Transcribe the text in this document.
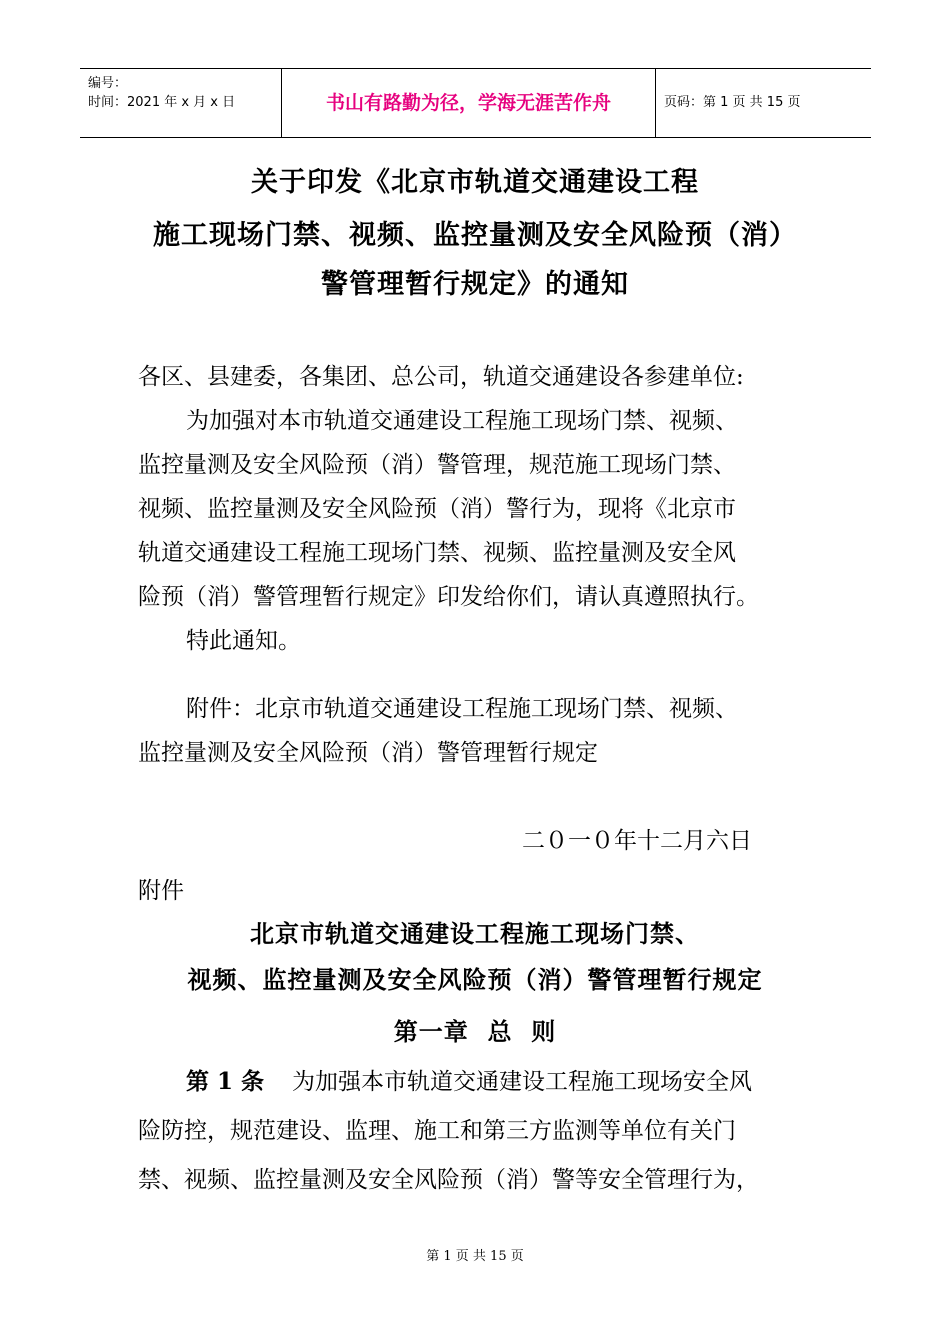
编号：
时间：2021 年 x 月 x 日	书山有路勤为径，学海无涯苦作舟	页码：第 1 页 共 15 页
关于印发《北京市轨道交通建设工程
施工现场门禁、视频、监控量测及安全风险预（消）
警管理暂行规定》的通知
各区、县建委，各集团、总公司，轨道交通建设各参建单位:
为加强对本市轨道交通建设工程施工现场门禁、视频、
监控量测及安全风险预（消）警管理，规范施工现场门禁、
视频、监控量测及安全风险预（消）警行为，现将《北京市
轨道交通建设工程施工现场门禁、视频、监控量测及安全风
险预（消）警管理暂行规定》印发给你们，请认真遵照执行。
特此通知。
附件：北京市轨道交通建设工程施工现场门禁、视频、
监控量测及安全风险预（消）警管理暂行规定
二０一０年十二月六日
附件
北京市轨道交通建设工程施工现场门禁、
视频、监控量测及安全风险预（消）警管理暂行规定
第一章  总  则
第 1 条 为加强本市轨道交通建设工程施工现场安全风
险防控，规范建设、监理、施工和第三方监测等单位有关门
禁、视频、监控量测及安全风险预（消）警等安全管理行为，
第 1 页 共 15 页
